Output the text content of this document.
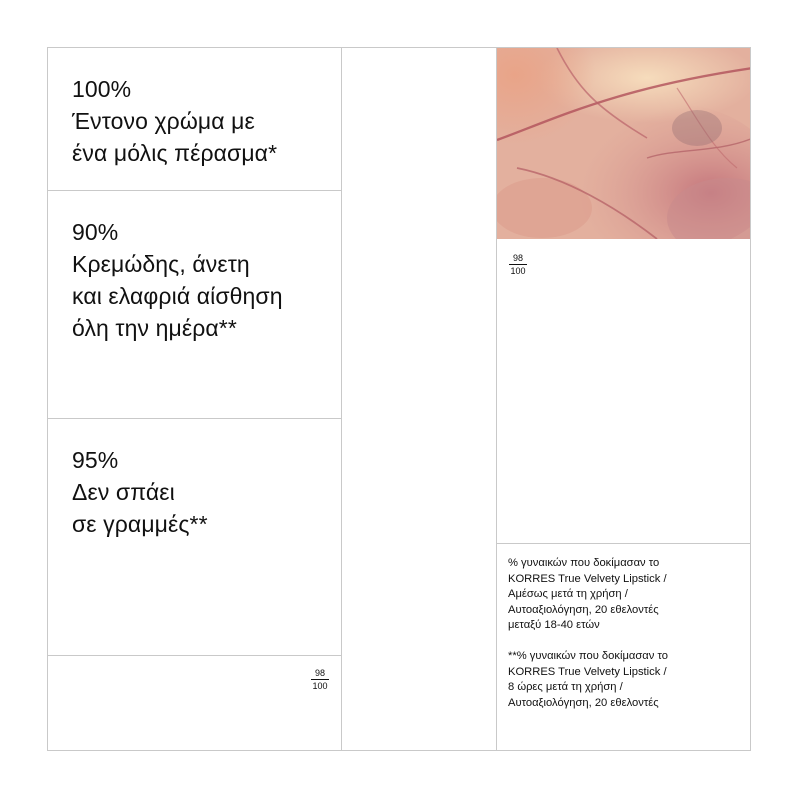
100%
Έντονο χρώμα με
ένα μόλις πέρασμα*
90%
Κρεμώδης, άνετη
και ελαφριά αίσθηση
όλη την ημέρα**
95%
Δεν σπάει
σε γραμμές**
98
100
98
100

% γυναικών που δοκίμασαν το
KORRES True Velvety Lipstick /
Αμέσως μετά τη χρήση /
Αυτοαξιολόγηση, 20 εθελοντές
μεταξύ 18-40 ετών

**% γυναικών που δοκίμασαν το
KORRES True Velvety Lipstick /
8 ώρες μετά τη χρήση /
Αυτοαξιολόγηση, 20 εθελοντές
